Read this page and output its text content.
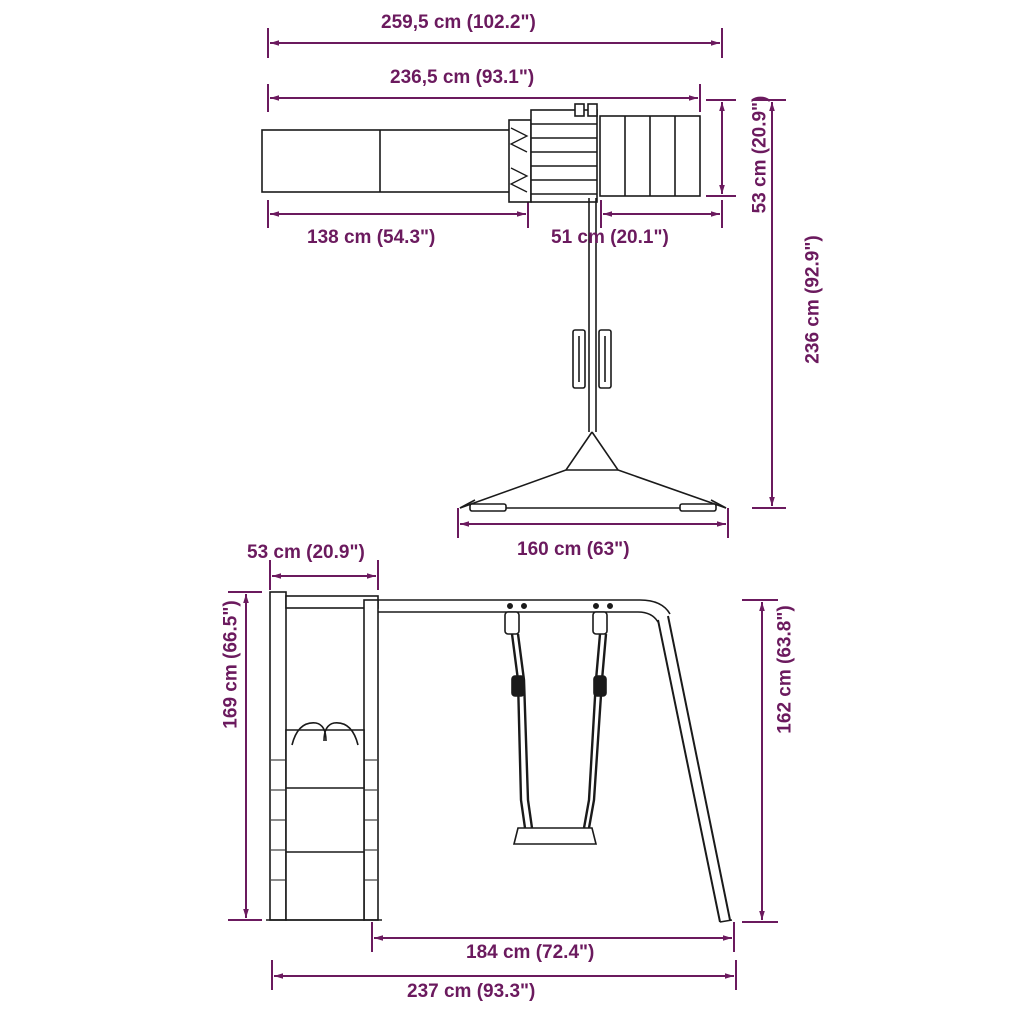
259,5 cm (102.2")
236,5 cm (93.1")
138 cm (54.3")	51 cm (20.1")
160 cm (63")
53 cm (20.9")
236 cm (92.9")
53 cm (20.9")
169 cm (66.5")	162 cm (63.8")
184 cm (72.4")
237 cm (93.3")
